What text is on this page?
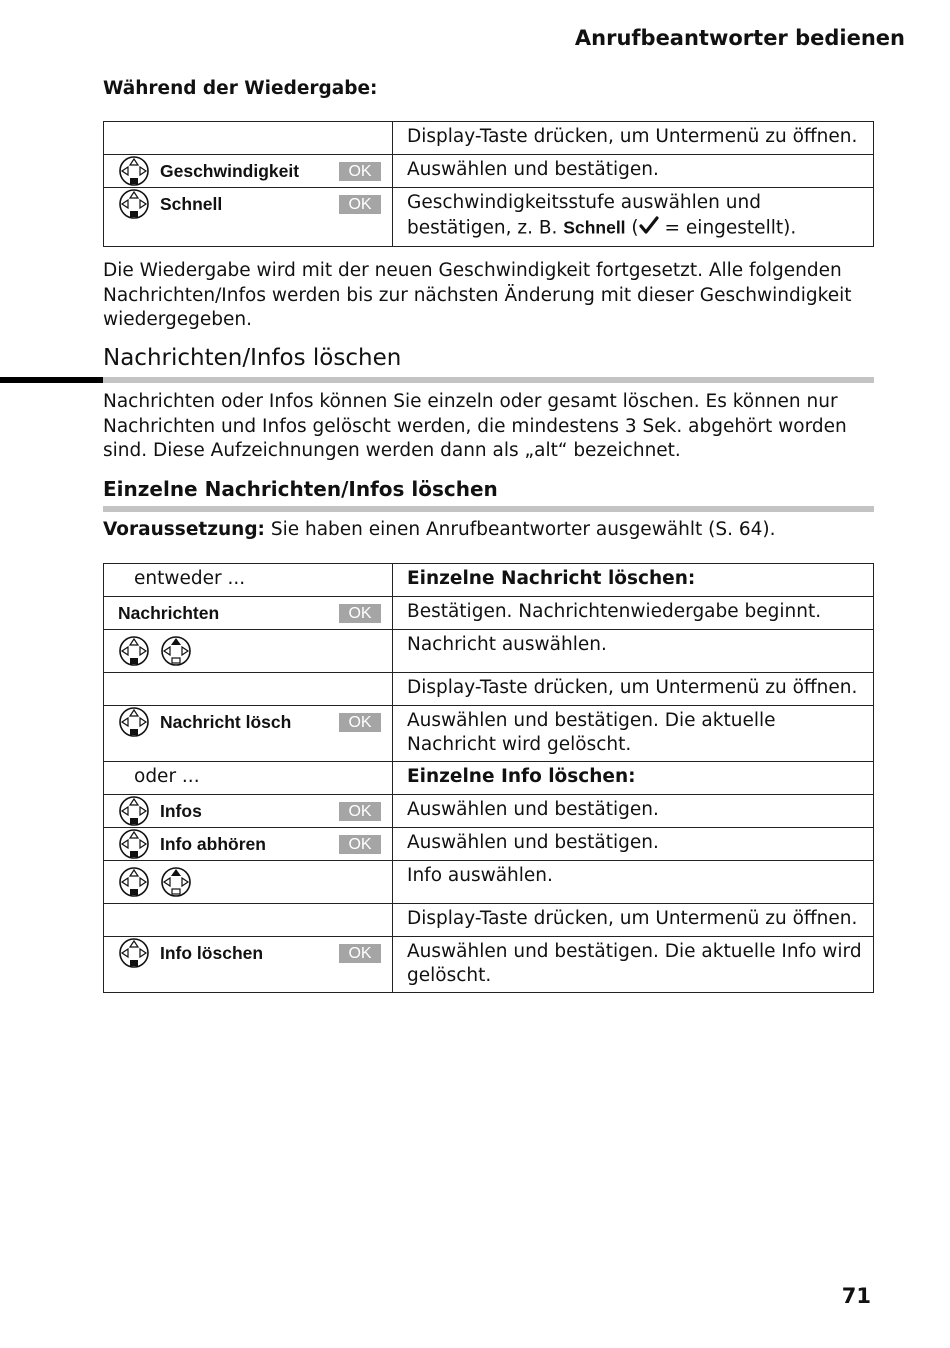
Anrufbeantworter bedienen
Während der Wiedergabe:
	Display-Taste drücken, um Untermenü zu öffnen.

Geschwindigkeit OK	Auswählen und bestätigen.

Schnell OK	Geschwindigkeitsstufe auswählen und bestätigen, z. B. Schnell ( = eingestellt).

Die Wiedergabe wird mit der neuen Geschwindigkeit fortgesetzt. Alle folgenden Nachrichten/Infos werden bis zur nächsten Änderung mit dieser Geschwindigkeit wiedergegeben.

Nachrichten/Infos löschen

Nachrichten oder Infos können Sie einzeln oder gesamt löschen. Es können nur Nachrichten und Infos gelöscht werden, die mindestens 3 Sek. abgehört worden sind. Diese Aufzeichnungen werden dann als „alt“ bezeichnet.

Einzelne Nachrichten/Infos löschen

Voraussetzung: Sie haben einen Anrufbeantworter ausgewählt (S. 64).

entweder ...	Einzelne Nachricht löschen:

Nachrichten OK	Bestätigen. Nachrichtenwiedergabe beginnt.

	Nachricht auswählen.
	Display-Taste drücken, um Untermenü zu öffnen.

Nachricht lösch OK	Auswählen und bestätigen. Die aktuelle Nachricht wird gelöscht.

oder ...	Einzelne Info löschen:

Infos OK	Auswählen und bestätigen.

Info abhören OK	Auswählen und bestätigen.

	Info auswählen.
	Display-Taste drücken, um Untermenü zu öffnen.

Info löschen OK	Auswählen und bestätigen. Die aktuelle Info wird gelöscht.
71
